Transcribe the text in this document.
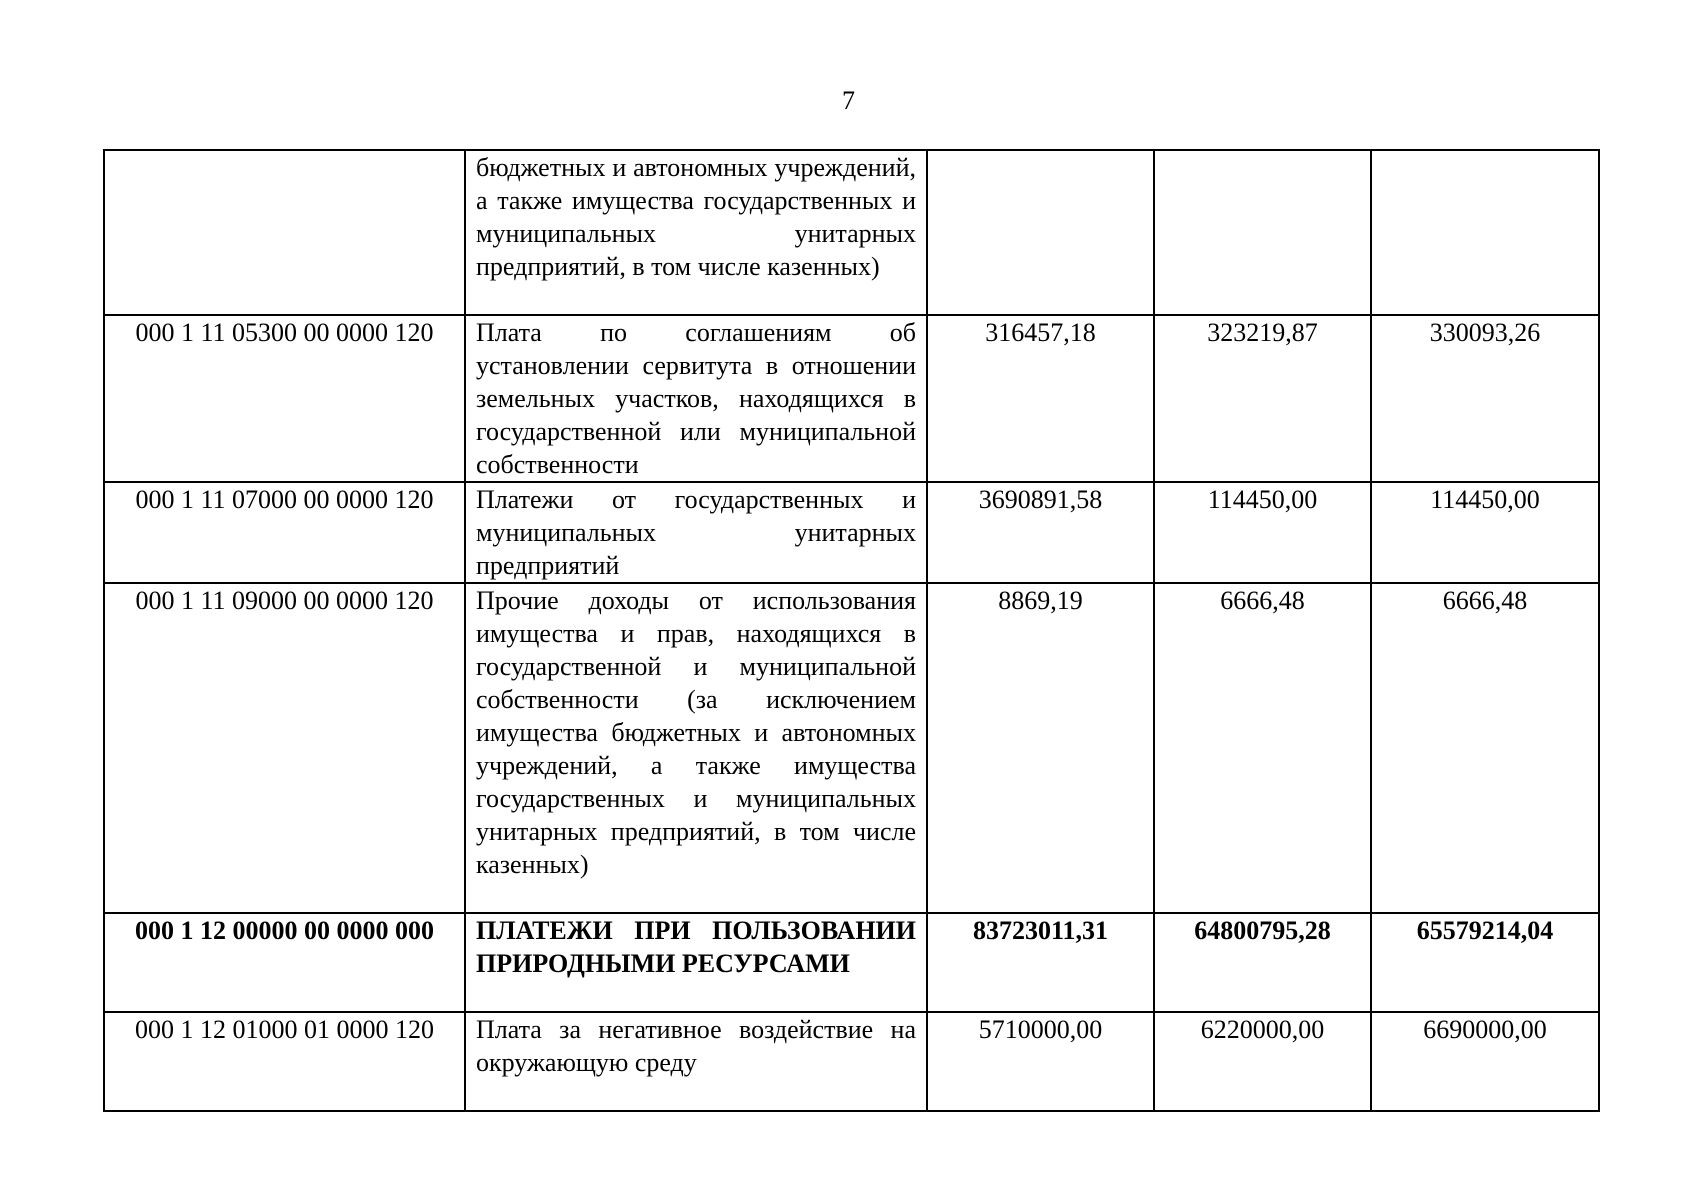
7
	бюджетных и автономных учреждений, а также имущества государственных и муниципальных унитарных предприятий, в том числе казенных)			
000 1 11 05300 00 0000 120	Плата по соглашениям об установлении сервитута в отношении земельных участков, находящихся в государственной или муниципальной собственности	316457,18	323219,87	330093,26
000 1 11 07000 00 0000 120	Платежи от государственных и муниципальных унитарных предприятий	3690891,58	114450,00	114450,00
000 1 11 09000 00 0000 120	Прочие доходы от использования имущества и прав, находящихся в государственной и муниципальной собственности (за исключением имущества бюджетных и автономных учреждений, а также имущества государственных и муниципальных унитарных предприятий, в том числе казенных)	8869,19	6666,48	6666,48
000 1 12 00000 00 0000 000	ПЛАТЕЖИ ПРИ ПОЛЬЗОВАНИИ ПРИРОДНЫМИ РЕСУРСАМИ	83723011,31	64800795,28	65579214,04
000 1 12 01000 01 0000 120	Плата за негативное воздействие на окружающую среду	5710000,00	6220000,00	6690000,00
